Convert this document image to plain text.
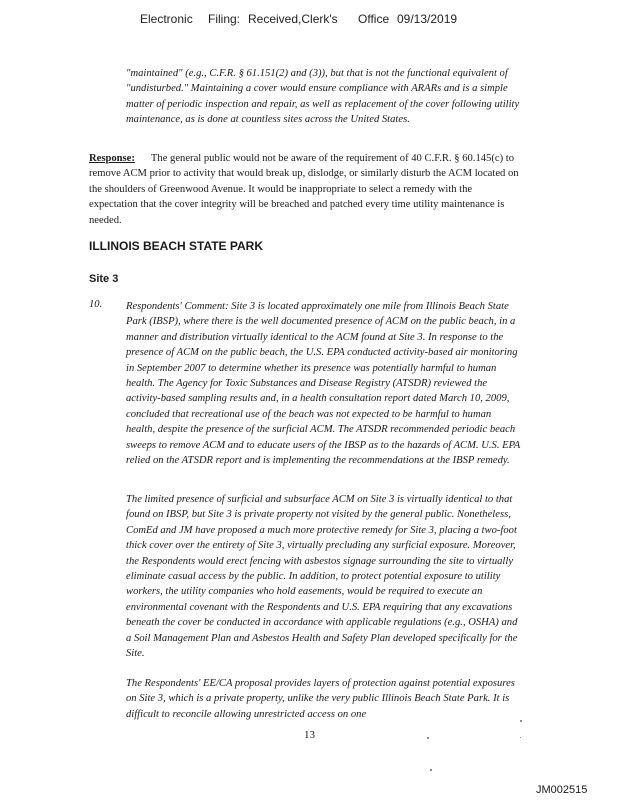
Electronic Filing: Received,Clerk's Office 09/13/2019

"maintained" (e.g., C.F.R. § 61.151(2) and (3)), but that is not the functional equivalent of "undisturbed." Maintaining a cover would ensure compliance with ARARs and is a simple matter of periodic inspection and repair, as well as replacement of the cover following utility maintenance, as is done at countless sites across the United States.

Response: The general public would not be aware of the requirement of 40 C.F.R. § 60.145(c) to remove ACM prior to activity that would break up, dislodge, or similarly disturb the ACM located on the shoulders of Greenwood Avenue. It would be inappropriate to select a remedy with the expectation that the cover integrity will be breached and patched every time utility maintenance is needed.

ILLINOIS BEACH STATE PARK
Site 3
10. Respondents' Comment: Site 3 is located approximately one mile from Illinois Beach State Park (IBSP), where there is the well documented presence of ACM on the public beach, in a manner and distribution virtually identical to the ACM found at Site 3. In response to the presence of ACM on the public beach, the U.S. EPA conducted activity-based air monitoring in September 2007 to determine whether its presence was potentially harmful to human health. The Agency for Toxic Substances and Disease Registry (ATSDR) reviewed the activity-based sampling results and, in a health consultation report dated March 10, 2009, concluded that recreational use of the beach was not expected to be harmful to human health, despite the presence of the surficial ACM. The ATSDR recommended periodic beach sweeps to remove ACM and to educate users of the IBSP as to the hazards of ACM. U.S. EPA relied on the ATSDR report and is implementing the recommendations at the IBSP remedy.

The limited presence of surficial and subsurface ACM on Site 3 is virtually identical to that found on IBSP, but Site 3 is private property not visited by the general public. Nonetheless, ComEd and JM have proposed a much more protective remedy for Site 3, placing a two-foot thick cover over the entirety of Site 3, virtually precluding any surficial exposure. Moreover, the Respondents would erect fencing with asbestos signage surrounding the site to virtually eliminate casual access by the public. In addition, to protect potential exposure to utility workers, the utility companies who hold easements, would be required to execute an environmental covenant with the Respondents and U.S. EPA requiring that any excavations beneath the cover be conducted in accordance with applicable regulations (e.g., OSHA) and a Soil Management Plan and Asbestos Health and Safety Plan developed specifically for the Site.

The Respondents' EE/CA proposal provides layers of protection against potential exposures on Site 3, which is a private property, unlike the very public Illinois Beach State Park. It is difficult to reconcile allowing unrestricted access on one

13
JM002515
